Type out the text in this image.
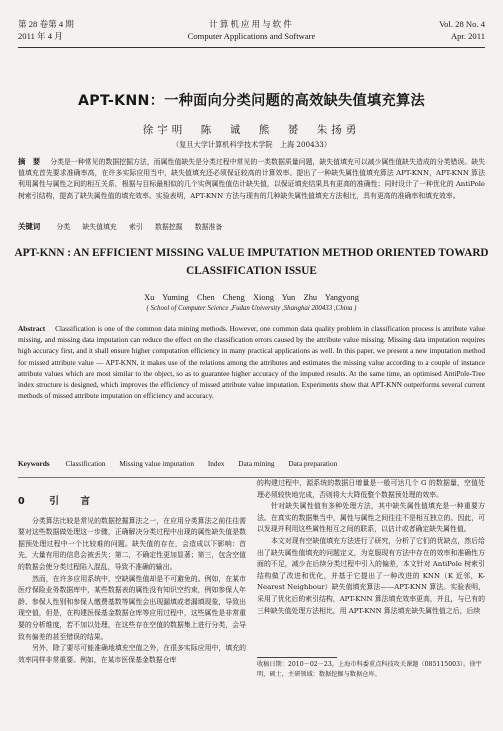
第 28 卷第 4 期
2011 年 4 月
计算机应用与软件
Computer Applications and Software
Vol. 28 No. 4
Apr. 2011
APT-KNN：一种面向分类问题的高效缺失值填充算法
徐宇明　陈　诚　熊　赟　朱扬勇
（复旦大学计算机科学技术学院　上海 200433）
摘　要 分类是一种常见的数据挖掘方法，而属性值缺失是分类过程中常见的一类数据质量问题，缺失值填充可以减少属性值缺失造成的分类错误。缺失值填充首先要求准确率高，在许多实际应用当中，缺失值填充还必须保证较高的计算效率。提出了一种缺失属性值填充算法 APT-KNN，APT-KNN 算法利用属性与属性之间的相互关系，根据与目标最相似的几个实例属性值估计缺失值，以保证填充结果具有更高的准确性；同时设计了一种优化的 AntiPole 树索引结构，提高了缺失属性值的填充效率。实验表明，APT-KNN 方法与现有的几种缺失属性值填充方法相比，具有更高的准确率和填充效率。
关键词 分类 缺失值填充 索引 数据挖掘 数据准备
APT-KNN : AN EFFICIENT MISSING VALUE IMPUTATION METHOD ORIENTED TOWARD CLASSIFICATION ISSUE
Xu Yuming　Chen Cheng　Xiong Yun　Zhu Yangyong
( School of Computer Science ,Fudan University ,Shanghai 200433 ,China )
Abstract Classification is one of the common data mining methods. However, one common data quality problem in classification process is attribute value missing, and missing data imputation can reduce the effect on the classification errors caused by the attribute value missing. Missing data imputation requires high accuracy first, and it shall ensure higher computation efficiency in many practical applications as well. In this paper, we present a new imputation method for missed attribute value — APT-KNN, it makes use of the relations among the attributes and estimates the missing value according to a couple of instance attribute values which are most similar to the object, so as to guarantee higher accuracy of the imputed results. At the same time, an optimised AntiPole-Tree index structure is designed, which improves the efficiency of missed attribute value imputation. Experiments show that APT-KNN outperforms several current methods of missed attribute imputation on efficiency and accuracy.
Keywords Classification Missing value imputation Index Data mining Data preparation
0 引　言

分类算法比较是常见的数据挖掘算法之一，在应用分类算法之前往往需要对这些数据做处理这一步骤，正确解决分类过程中出现的属性缺失值是数据预处理过程中一个比较难的问题。缺失值的存在，会造成以下影响：首先，大量有用的信息会被丢失；第二，不确定性更加显著；第三，包含空值的数据会使分类过程陷入混乱，导致不准确的输出。

然而，在许多应用系统中，空缺属性值却是不可避免的。例如，在某市医疗保险业务数据库中，某些数据表的属性没有知识空约束，例如参保人年龄、参保人性别和参保人缴费基数等属性会出现漏填或者漏填现象，导致出现空值，但是，在构建医保基金数据仓库等应用过程中，这些属性是非常重要的分析维度，若不加以处理，在这些存在空值的数据集上进行分类，会导致有偏差的甚至错误的结果。

另外，除了要尽可能准确地填充空值之外，在很多实际应用中，填充的效率同样非常重要。例如，在某市医保基金数据仓库

的构建过程中，源系统的数据日增量是一般可达几个 G 的数据量，空值处理必须较快地完成，否则将大大降低整个数据预处理的效率。

针对缺失属性值有多种处理方法，其中缺失属性值填充是一种重要方法。在真实的数据集当中，属性与属性之间往往不是相互独立的。因此，可以发现并利用这些属性相互之间的联系，以估计或者确定缺失属性值。

本文对现有空缺值填充方法进行了研究，分析了它们的优缺点，然后给出了缺失属性值填充的问题定义，为克服现有方法中存在的效率和准确性方面的不足，减少在后续分类过程中引入的偏差，本文针对 AntiPole 树索引结构做了改进和优化，并基于它提出了一种改进的 KNN（K 近邻，K-Nearest Neighbour）缺失值填充算法——APT-KNN 算法。实验表明，采用了优化后的索引结构，APT-KNN 算法填充效率更高，并且，与已有的三种缺失值处理方法相比，用 APT-KNN 算法填充缺失属性值之后，后续

收稿日期：2010－02－23。上海市科委重点科技攻关课题（085115003）。徐宇明，硕士，主研领域：数据挖掘与数据仓库。
